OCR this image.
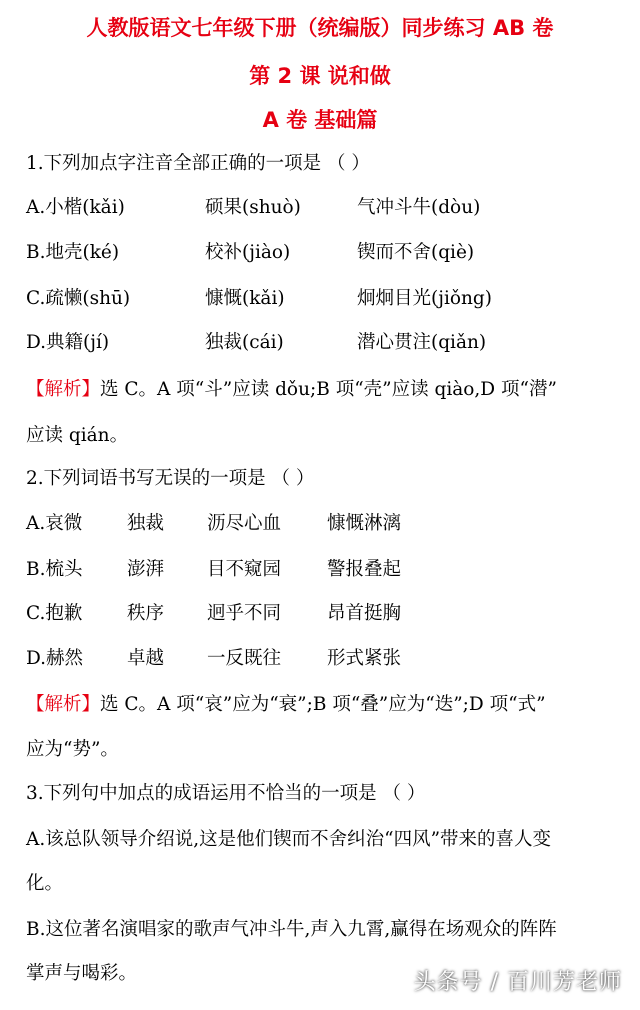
人教版语文七年级下册（统编版）同步练习 AB 卷
第 2 课 说和做
A 卷 基础篇
1.下列加点字注音全部正确的一项是 （ ）
A.小楷(kǎi)	硕果(shuò)	气冲斗牛(dòu)
B.地壳(ké)	校补(jiào)	锲而不舍(qiè)
C.疏懒(shū)	慷慨(kǎi)	炯炯目光(jiǒng)
D.典籍(jí)	独裁(cái)	潜心贯注(qiǎn)
【解析】选 C。A 项“斗”应读 dǒu;B 项“壳”应读 qiào,D 项“潜”
应读 qián。
2.下列词语书写无误的一项是 （ ）
A.哀微 独裁 沥尽心血 慷慨淋漓
B.梳头 澎湃 目不窥园 警报叠起
C.抱歉 秩序 迥乎不同 昂首挺胸
D.赫然 卓越 一反既往 形式紧张
【解析】选 C。A 项“哀”应为“衰”;B 项“叠”应为“迭”;D 项“式”
应为“势”。
3.下列句中加点的成语运用不恰当的一项是 （ ）
A.该总队领导介绍说,这是他们锲而不舍纠治“四风”带来的喜人变
化。
B.这位著名演唱家的歌声气冲斗牛,声入九霄,赢得在场观众的阵阵
掌声与喝彩。	头条号 / 百川芳老师
